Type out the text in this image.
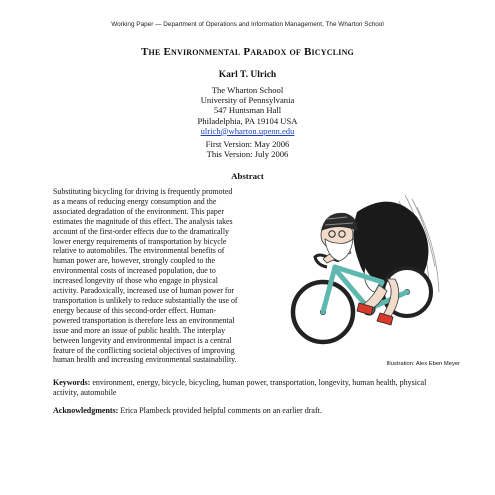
Working Paper — Department of Operations and Information Management, The Wharton School
The Environmental Paradox of Bicycling
Karl T. Ulrich
The Wharton School
University of Pennsylvania
547 Huntsman Hall
Philadelphia, PA 19104 USA
ulrich@wharton.upenn.edu
First Version: May 2006
This Version: July 2006
Abstract
Substituting bicycling for driving is frequently promoted
as a means of reducing energy consumption and the
associated degradation of the environment. This paper
estimates the magnitude of this effect. The analysis takes
account of the first-order effects due to the dramatically
lower energy requirements of transportation by bicycle
relative to automobiles. The environmental benefits of
human power are, however, strongly coupled to the
environmental costs of increased population, due to
increased longevity of those who engage in physical
activity. Paradoxically, increased use of human power for
transportation is unlikely to reduce substantially the use of
energy because of this second-order effect. Human-
powered transportation is therefore less an environmental
issue and more an issue of public health. The interplay
between longevity and environmental impact is a central
feature of the conflicting societal objectives of improving
human health and increasing environmental sustainability.	Illustration: Alex Eben Meyer
Keywords: environment, energy, bicycle, bicycling, human power, transportation, longevity, human health, physical activity, automobile
Acknowledgments: Erica Plambeck provided helpful comments on an earlier draft.
